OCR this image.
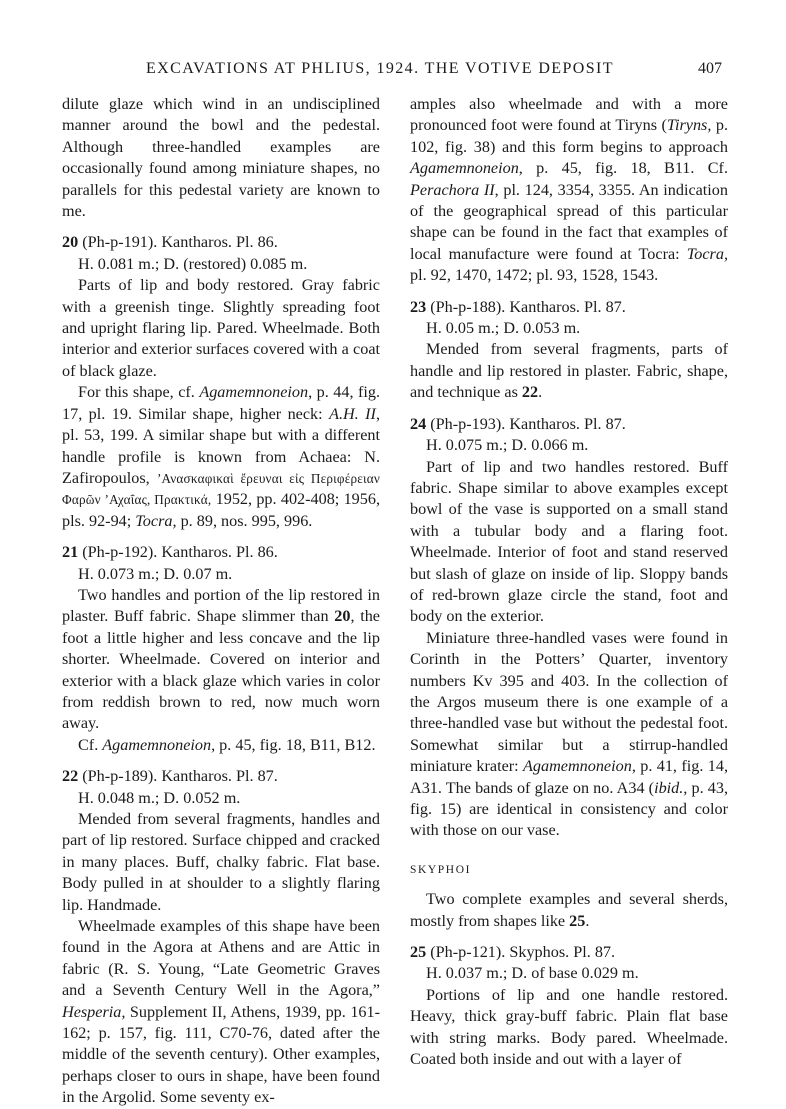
EXCAVATIONS AT PHLIUS, 1924. THE VOTIVE DEPOSIT	407

dilute glaze which wind in an undisciplined manner around the bowl and the pedestal. Although three-handled examples are occasionally found among miniature shapes, no parallels for this pedestal variety are known to me.

20 (Ph-p-191). Kantharos. Pl. 86.

H. 0.081 m.; D. (restored) 0.085 m.

Parts of lip and body restored. Gray fabric with a greenish tinge. Slightly spreading foot and upright flaring lip. Pared. Wheelmade. Both interior and exterior surfaces covered with a coat of black glaze.

For this shape, cf. Agamemnoneion, p. 44, fig. 17, pl. 19. Similar shape, higher neck: A.H. II, pl. 53, 199. A similar shape but with a different handle profile is known from Achaea: N. Zafiropoulos, ’Ανασκαφικαὶ ἔρευναι εἰς Περιφέρειαν Φαρῶν ’Αχαΐας, Πρακτικά, 1952, pp. 402-408; 1956, pls. 92-94; Tocra, p. 89, nos. 995, 996.

21 (Ph-p-192). Kantharos. Pl. 86.

H. 0.073 m.; D. 0.07 m.

Two handles and portion of the lip restored in plaster. Buff fabric. Shape slimmer than 20, the foot a little higher and less concave and the lip shorter. Wheelmade. Covered on interior and exterior with a black glaze which varies in color from reddish brown to red, now much worn away.

Cf. Agamemnoneion, p. 45, fig. 18, B11, B12.

22 (Ph-p-189). Kantharos. Pl. 87.

H. 0.048 m.; D. 0.052 m.

Mended from several fragments, handles and part of lip restored. Surface chipped and cracked in many places. Buff, chalky fabric. Flat base. Body pulled in at shoulder to a slightly flaring lip. Handmade.

Wheelmade examples of this shape have been found in the Agora at Athens and are Attic in fabric (R. S. Young, “Late Geometric Graves and a Seventh Century Well in the Agora,” Hesperia, Supplement II, Athens, 1939, pp. 161-162; p. 157, fig. 111, C70-76, dated after the middle of the seventh century). Other examples, perhaps closer to ours in shape, have been found in the Argolid. Some seventy ex-

amples also wheelmade and with a more pronounced foot were found at Tiryns (Tiryns, p. 102, fig. 38) and this form begins to approach Agamemnoneion, p. 45, fig. 18, B11. Cf. Perachora II, pl. 124, 3354, 3355. An indication of the geographical spread of this particular shape can be found in the fact that examples of local manufacture were found at Tocra: Tocra, pl. 92, 1470, 1472; pl. 93, 1528, 1543.

23 (Ph-p-188). Kantharos. Pl. 87.

H. 0.05 m.; D. 0.053 m.

Mended from several fragments, parts of handle and lip restored in plaster. Fabric, shape, and technique as 22.

24 (Ph-p-193). Kantharos. Pl. 87.

H. 0.075 m.; D. 0.066 m.

Part of lip and two handles restored. Buff fabric. Shape similar to above examples except bowl of the vase is supported on a small stand with a tubular body and a flaring foot. Wheelmade. Interior of foot and stand reserved but slash of glaze on inside of lip. Sloppy bands of red-brown glaze circle the stand, foot and body on the exterior.

Miniature three-handled vases were found in Corinth in the Potters’ Quarter, inventory numbers Kv 395 and 403. In the collection of the Argos museum there is one example of a three-handled vase but without the pedestal foot. Somewhat similar but a stirrup-handled miniature krater: Agamemnoneion, p. 41, fig. 14, A31. The bands of glaze on no. A34 (ibid., p. 43, fig. 15) are identical in consistency and color with those on our vase.

SKYPHOI

Two complete examples and several sherds, mostly from shapes like 25.

25 (Ph-p-121). Skyphos. Pl. 87.

H. 0.037 m.; D. of base 0.029 m.

Portions of lip and one handle restored. Heavy, thick gray-buff fabric. Plain flat base with string marks. Body pared. Wheelmade. Coated both inside and out with a layer of
